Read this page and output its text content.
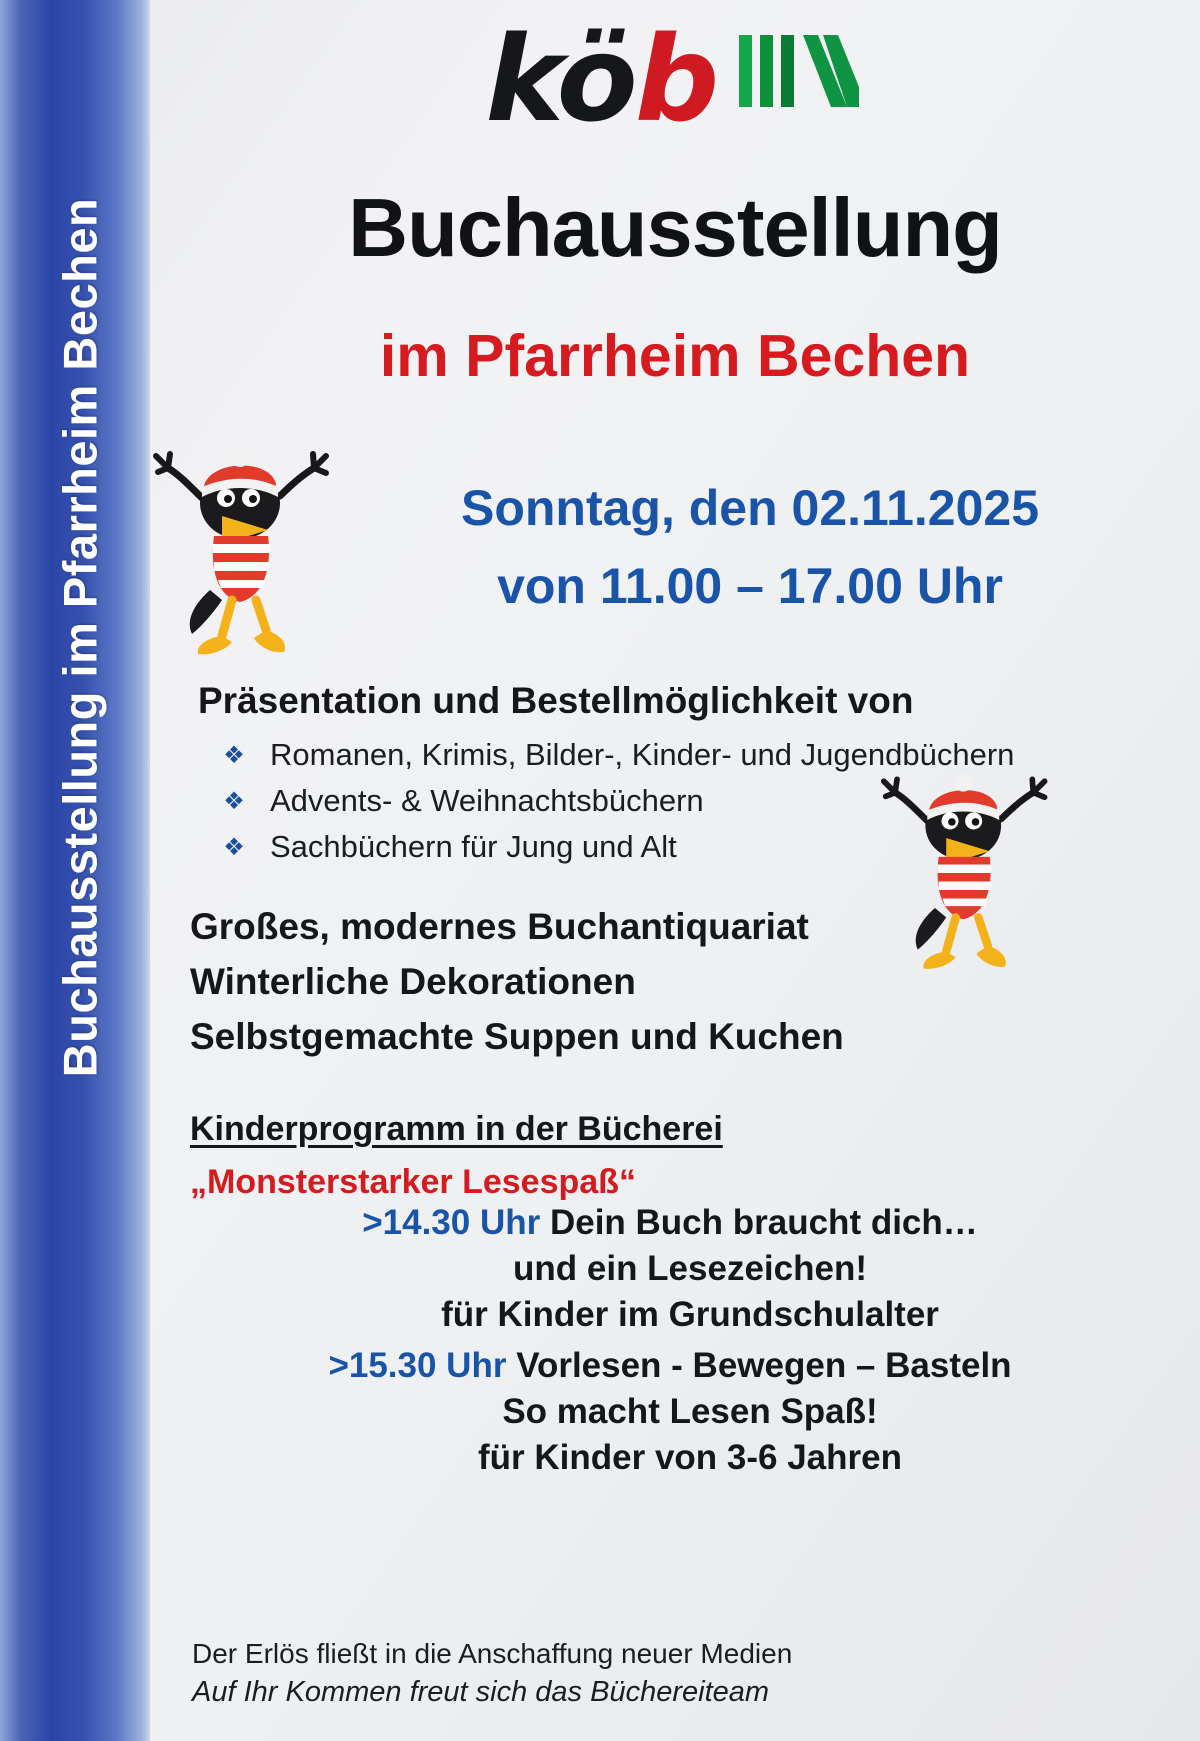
Buchausstellung im Pfarrheim Bechen
köb
Buchausstellung
im Pfarrheim Bechen
Sonntag, den 02.11.2025
von 11.00 – 17.00 Uhr
Präsentation und Bestellmöglichkeit von
❖ Romanen, Krimis, Bilder-, Kinder- und Jugendbüchern
❖ Advents- & Weihnachtsbüchern
❖ Sachbüchern für Jung und Alt
Großes, modernes Buchantiquariat
Winterliche Dekorationen
Selbstgemachte Suppen und Kuchen
Kinderprogramm in der Bücherei
„Monsterstarker Lesespaß“
>14.30 Uhr Dein Buch braucht dich…
und ein Lesezeichen!
für Kinder im Grundschulalter
>15.30 Uhr Vorlesen - Bewegen – Basteln
So macht Lesen Spaß!
für Kinder von 3-6 Jahren
Der Erlös fließt in die Anschaffung neuer Medien
Auf Ihr Kommen freut sich das Büchereiteam
